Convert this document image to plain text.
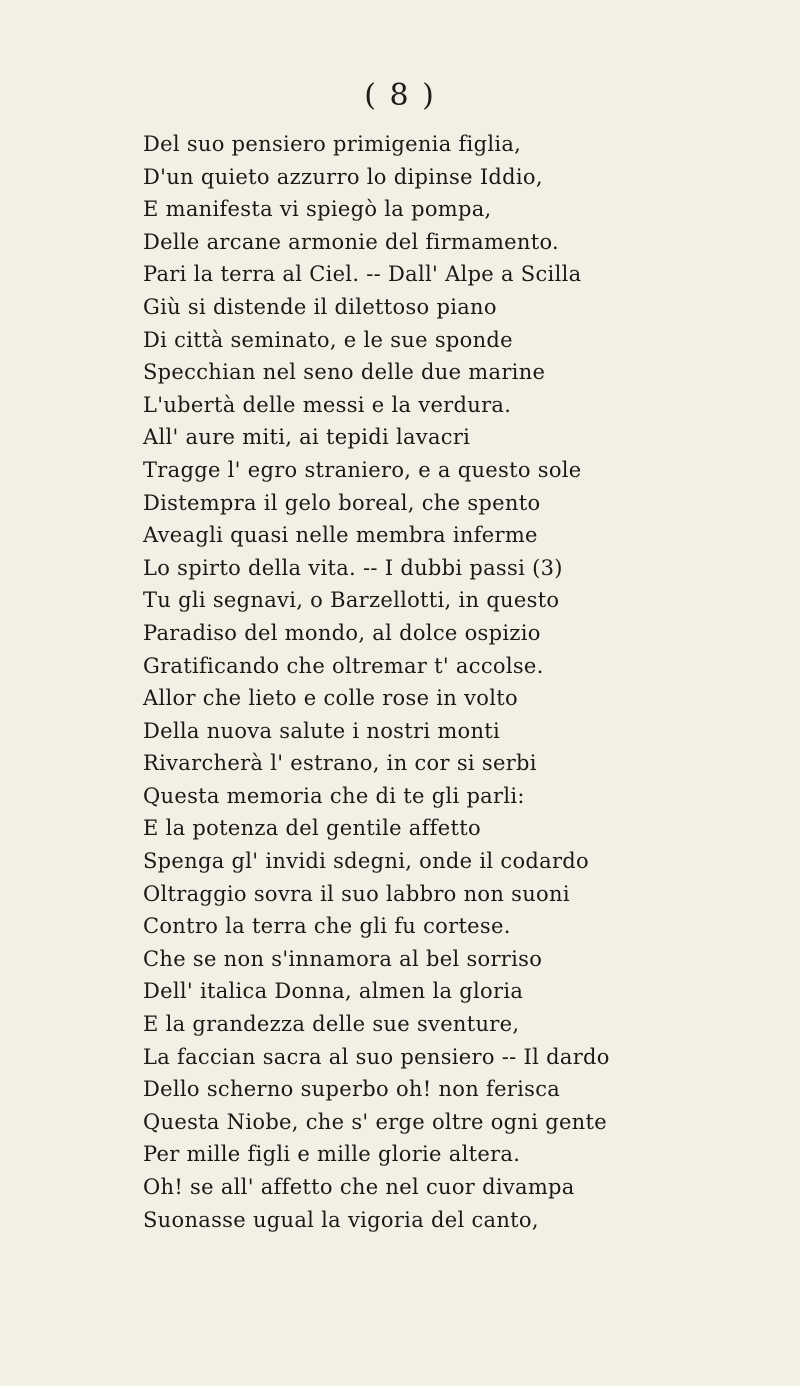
( 8 )
Del suo pensiero primigenia figlia,
D'un quieto azzurro lo dipinse Iddio,
E manifesta vi spiegò la pompa,
Delle arcane armonie del firmamento.
Pari la terra al Ciel. -- Dall' Alpe a Scilla
Giù si distende il dilettoso piano
Di città seminato, e le sue sponde
Specchian nel seno delle due marine
L'ubertà delle messi e la verdura.
All' aure miti, ai tepidi lavacri
Tragge l' egro straniero, e a questo sole
Distempra il gelo boreal, che spento
Aveagli quasi nelle membra inferme
Lo spirto della vita. -- I dubbi passi (3)
Tu gli segnavi, o Barzellotti, in questo
Paradiso del mondo, al dolce ospizio
Gratificando che oltremar t' accolse.
Allor che lieto e colle rose in volto
Della nuova salute i nostri monti
Rivarcherà l' estrano, in cor si serbi
Questa memoria che di te gli parli:
E la potenza del gentile affetto
Spenga gl' invidi sdegni, onde il codardo
Oltraggio sovra il suo labbro non suoni
Contro la terra che gli fu cortese.
Che se non s'innamora al bel sorriso
Dell' italica Donna, almen la gloria
E la grandezza delle sue sventure,
La faccian sacra al suo pensiero -- Il dardo
Dello scherno superbo oh! non ferisca
Questa Niobe, che s' erge oltre ogni gente
Per mille figli e mille glorie altera.
Oh! se all' affetto che nel cuor divampa
Suonasse ugual la vigoria del canto,
